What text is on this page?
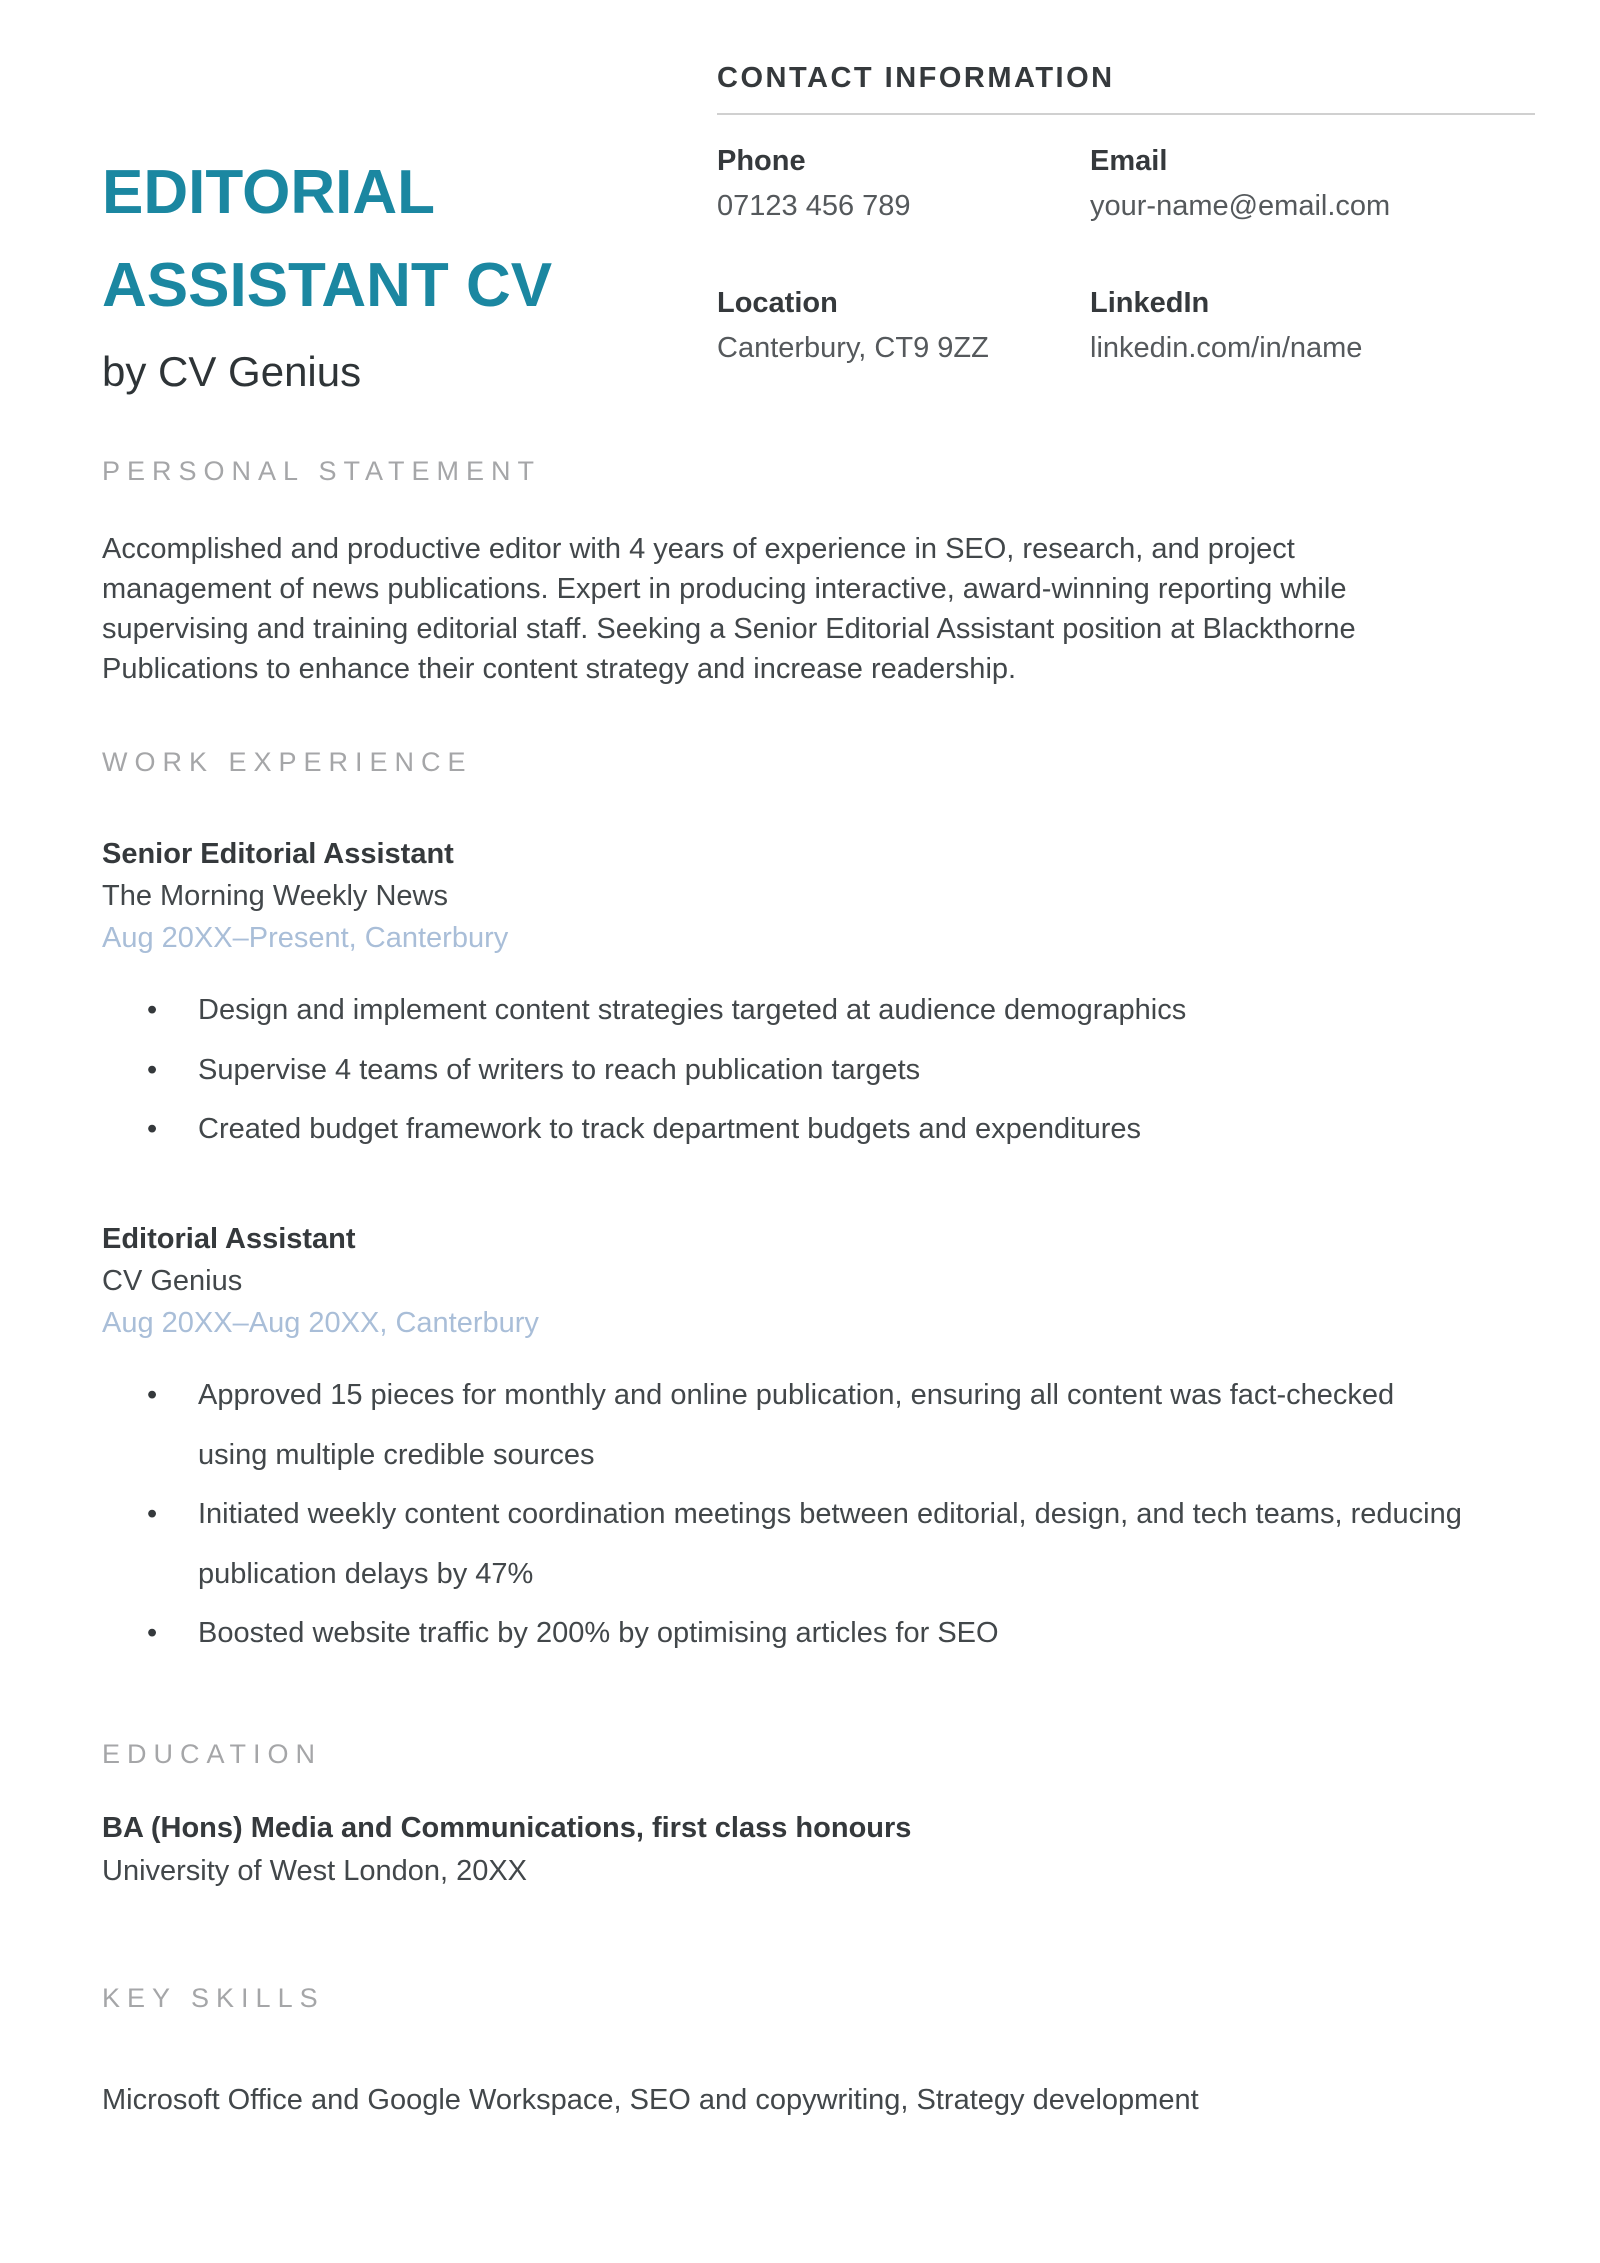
EDITORIAL
ASSISTANT CV
by CV Genius
CONTACT INFORMATION
Phone
07123 456 789
Email
your-name@email.com
Location
Canterbury, CT9 9ZZ
LinkedIn
linkedin.com/in/name
PERSONAL STATEMENT

Accomplished and productive editor with 4 years of experience in SEO, research, and project management of news publications. Expert in producing interactive, award-winning reporting while supervising and training editorial staff. Seeking a Senior Editorial Assistant position at Blackthorne Publications to enhance their content strategy and increase readership.

WORK EXPERIENCE
Senior Editorial Assistant
The Morning Weekly News
Aug 20XX–Present, Canterbury
• Design and implement content strategies targeted at audience demographics
• Supervise 4 teams of writers to reach publication targets
• Created budget framework to track department budgets and expenditures
Editorial Assistant
CV Genius
Aug 20XX–Aug 20XX, Canterbury
• Approved 15 pieces for monthly and online publication, ensuring all content was fact-checked using multiple credible sources
• Initiated weekly content coordination meetings between editorial, design, and tech teams, reducing publication delays by 47%
• Boosted website traffic by 200% by optimising articles for SEO
EDUCATION
BA (Hons) Media and Communications, first class honours
University of West London, 20XX
KEY SKILLS

Microsoft Office and Google Workspace, SEO and copywriting, Strategy development
